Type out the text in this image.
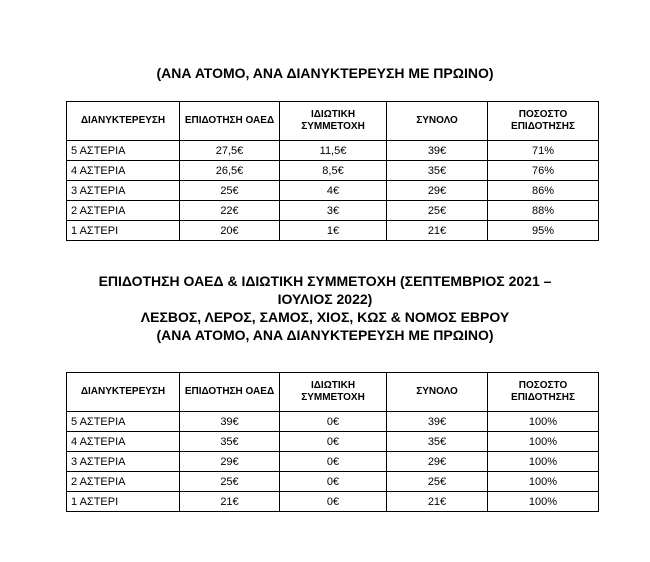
(ΑΝΑ ΑΤΟΜΟ, ΑΝΑ ΔΙΑΝΥΚΤΕΡΕΥΣΗ ΜΕ ΠΡΩΙΝΟ)
ΔΙΑΝΥΚΤΕΡΕΥΣΗ	ΕΠΙΔΟΤΗΣΗ ΟΑΕΔ	ΙΔΙΩΤΙΚΗ ΣΥΜΜΕΤΟΧΗ	ΣΥΝΟΛΟ	ΠΟΣΟΣΤΟ ΕΠΙΔΟΤΗΣΗΣ
5 ΑΣΤΕΡΙΑ	27,5€	11,5€	39€	71%
4 ΑΣΤΕΡΙΑ	26,5€	8,5€	35€	76%
3 ΑΣΤΕΡΙΑ	25€	4€	29€	86%
2 ΑΣΤΕΡΙΑ	22€	3€	25€	88%
1 ΑΣΤΕΡΙ	20€	1€	21€	95%
ΕΠΙΔΟΤΗΣΗ ΟΑΕΔ & ΙΔΙΩΤΙΚΗ ΣΥΜΜΕΤΟΧΗ (ΣΕΠΤΕΜΒΡΙΟΣ 2021 –
ΙΟΥΛΙΟΣ 2022)
ΛΕΣΒΟΣ, ΛΕΡΟΣ, ΣΑΜΟΣ, ΧΙΟΣ, ΚΩΣ & ΝΟΜΟΣ ΕΒΡΟΥ
(ΑΝΑ ΑΤΟΜΟ, ΑΝΑ ΔΙΑΝΥΚΤΕΡΕΥΣΗ ΜΕ ΠΡΩΙΝΟ)
ΔΙΑΝΥΚΤΕΡΕΥΣΗ	ΕΠΙΔΟΤΗΣΗ ΟΑΕΔ	ΙΔΙΩΤΙΚΗ ΣΥΜΜΕΤΟΧΗ	ΣΥΝΟΛΟ	ΠΟΣΟΣΤΟ ΕΠΙΔΟΤΗΣΗΣ
5 ΑΣΤΕΡΙΑ	39€	0€	39€	100%
4 ΑΣΤΕΡΙΑ	35€	0€	35€	100%
3 ΑΣΤΕΡΙΑ	29€	0€	29€	100%
2 ΑΣΤΕΡΙΑ	25€	0€	25€	100%
1 ΑΣΤΕΡΙ	21€	0€	21€	100%
